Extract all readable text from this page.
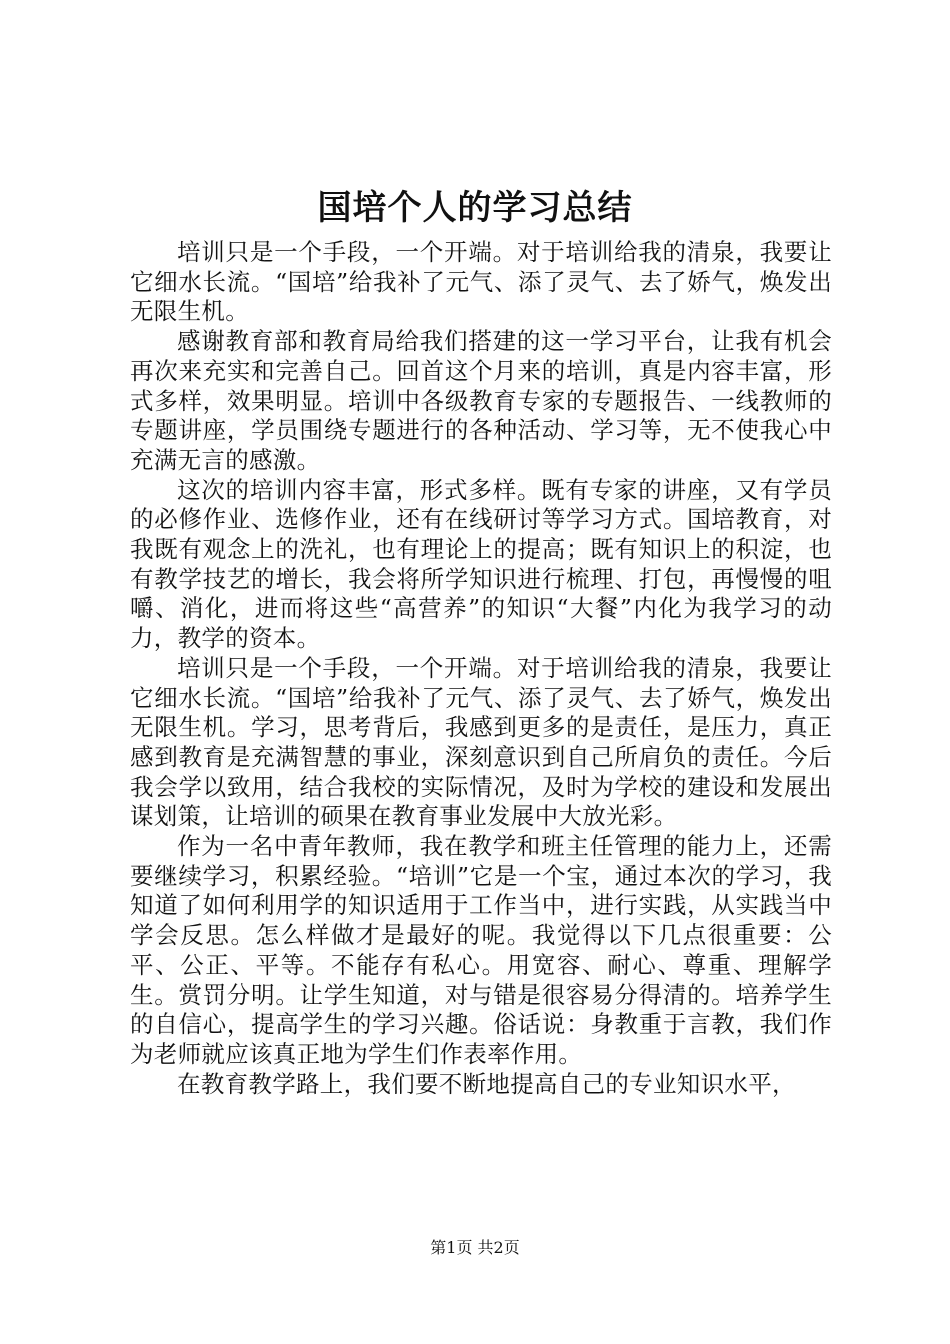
国培个人的学习总结

培训只是一个手段，一个开端。对于培训给我的清泉，我要让它细水长流。“国培”给我补了元气、添了灵气、去了娇气，焕发出无限生机。

感谢教育部和教育局给我们搭建的这一学习平台，让我有机会再次来充实和完善自己。回首这个月来的培训，真是内容丰富，形式多样，效果明显。培训中各级教育专家的专题报告、一线教师的专题讲座，学员围绕专题进行的各种活动、学习等，无不使我心中充满无言的感激。

这次的培训内容丰富，形式多样。既有专家的讲座，又有学员的必修作业、选修作业，还有在线研讨等学习方式。国培教育，对我既有观念上的洗礼，也有理论上的提高；既有知识上的积淀，也有教学技艺的增长，我会将所学知识进行梳理、打包，再慢慢的咀嚼、消化，进而将这些“高营养”的知识“大餐”内化为我学习的动力，教学的资本。

培训只是一个手段，一个开端。对于培训给我的清泉，我要让它细水长流。“国培”给我补了元气、添了灵气、去了娇气，焕发出无限生机。学习，思考背后，我感到更多的是责任，是压力，真正感到教育是充满智慧的事业，深刻意识到自己所肩负的责任。今后我会学以致用，结合我校的实际情况，及时为学校的建设和发展出谋划策，让培训的硕果在教育事业发展中大放光彩。

作为一名中青年教师，我在教学和班主任管理的能力上，还需要继续学习，积累经验。“培训”它是一个宝，通过本次的学习，我知道了如何利用学的知识适用于工作当中，进行实践，从实践当中学会反思。怎么样做才是最好的呢。我觉得以下几点很重要：公平、公正、平等。不能存有私心。用宽容、耐心、尊重、理解学生。赏罚分明。让学生知道，对与错是很容易分得清的。培养学生的自信心，提高学生的学习兴趣。俗话说：身教重于言教，我们作为老师就应该真正地为学生们作表率作用。

在教育教学路上，我们要不断地提高自己的专业知识水平，

第1页 共2页
